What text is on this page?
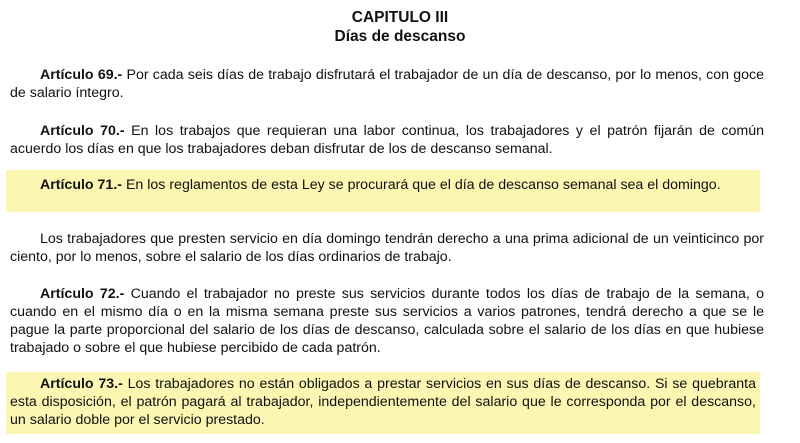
CAPITULO III
Días de descanso

Artículo 69.- Por cada seis días de trabajo disfrutará el trabajador de un día de descanso, por lo menos, con goce de salario íntegro.

Artículo 70.- En los trabajos que requieran una labor continua, los trabajadores y el patrón fijarán de común acuerdo los días en que los trabajadores deban disfrutar de los de descanso semanal.

Artículo 71.- En los reglamentos de esta Ley se procurará que el día de descanso semanal sea el domingo.

Los trabajadores que presten servicio en día domingo tendrán derecho a una prima adicional de un veinticinco por ciento, por lo menos, sobre el salario de los días ordinarios de trabajo.

Artículo 72.- Cuando el trabajador no preste sus servicios durante todos los días de trabajo de la semana, o cuando en el mismo día o en la misma semana preste sus servicios a varios patrones, tendrá derecho a que se le pague la parte proporcional del salario de los días de descanso, calculada sobre el salario de los días en que hubiese trabajado o sobre el que hubiese percibido de cada patrón.

Artículo 73.- Los trabajadores no están obligados a prestar servicios en sus días de descanso. Si se quebranta esta disposición, el patrón pagará al trabajador, independientemente del salario que le corresponda por el descanso, un salario doble por el servicio prestado.
